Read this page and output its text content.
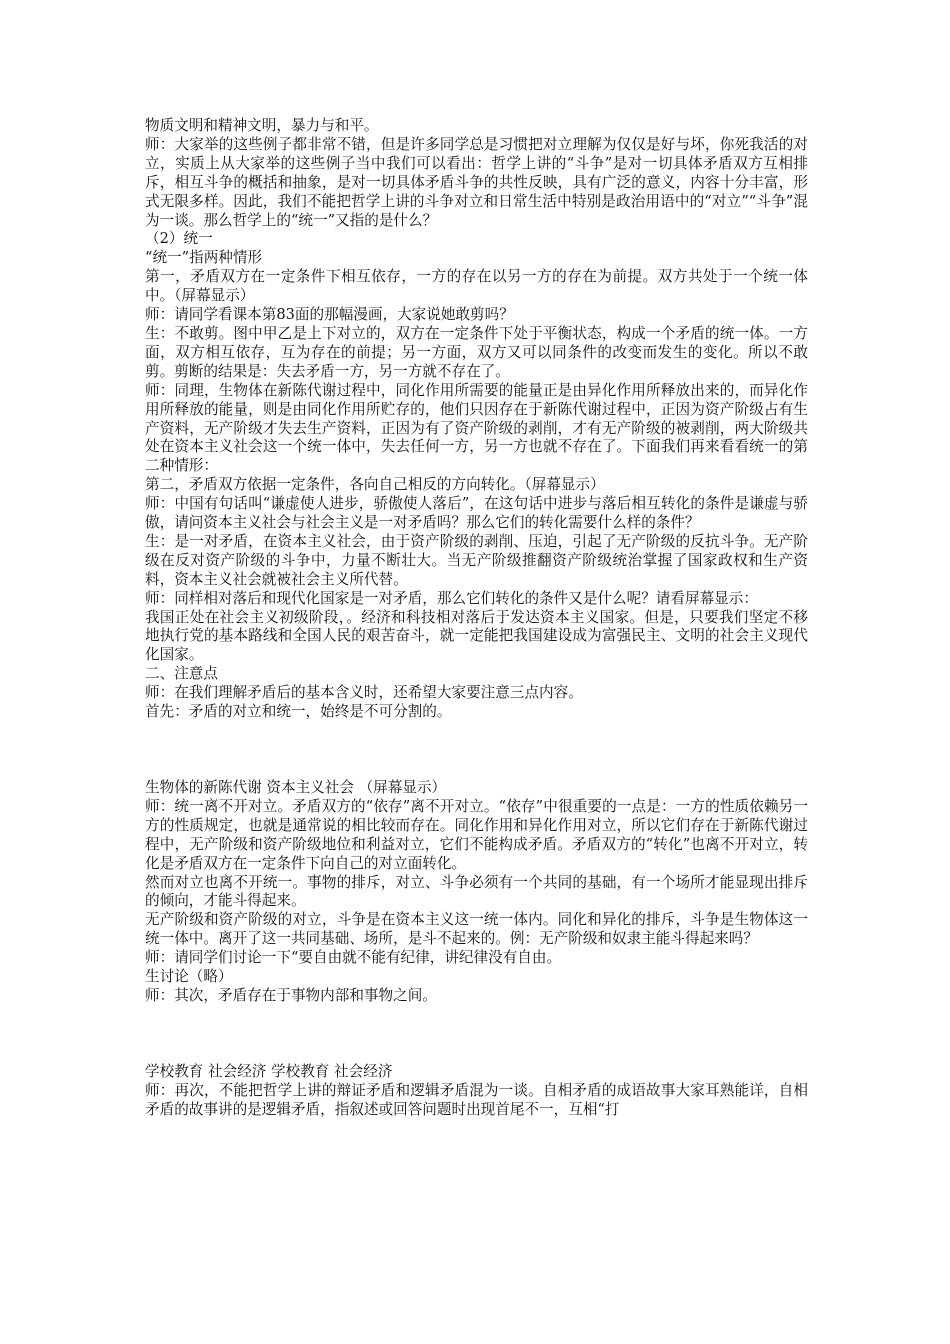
物质文明和精神文明，暴力与和平。

师：大家举的这些例子都非常不错，但是许多同学总是习惯把对立理解为仅仅是好与坏，你死我活的对立，实质上从大家举的这些例子当中我们可以看出：哲学上讲的“斗争”是对一切具体矛盾双方互相排斥，相互斗争的概括和抽象，是对一切具体矛盾斗争的共性反映，具有广泛的意义，内容十分丰富，形式无限多样。因此，我们不能把哲学上讲的斗争对立和日常生活中特别是政治用语中的“对立”“斗争”混为一谈。那么哲学上的“统一”又指的是什么？

（2）统一

“统一”指两种情形

第一，矛盾双方在一定条件下相互依存，一方的存在以另一方的存在为前提。双方共处于一个统一体中。（屏幕显示）

师：请同学看课本第83面的那幅漫画，大家说她敢剪吗？

生：不敢剪。图中甲乙是上下对立的，双方在一定条件下处于平衡状态，构成一个矛盾的统一体。一方面，双方相互依存，互为存在的前提；另一方面，双方又可以同条件的改变而发生的变化。所以不敢剪。剪断的结果是：失去矛盾一方，另一方就不存在了。

师：同理，生物体在新陈代谢过程中，同化作用所需要的能量正是由异化作用所释放出来的，而异化作用所释放的能量，则是由同化作用所贮存的，他们只因存在于新陈代谢过程中，正因为资产阶级占有生产资料，无产阶级才失去生产资料，正因为有了资产阶级的剥削，才有无产阶级的被剥削，两大阶级共处在资本主义社会这一个统一体中，失去任何一方，另一方也就不存在了。下面我们再来看看统一的第二种情形：

第二，矛盾双方依据一定条件，各向自己相反的方向转化。（屏幕显示）

师：中国有句话叫“谦虚使人进步，骄傲使人落后”，在这句话中进步与落后相互转化的条件是谦虚与骄傲，请问资本主义社会与社会主义是一对矛盾吗？那么它们的转化需要什么样的条件？

生：是一对矛盾，在资本主义社会，由于资产阶级的剥削、压迫，引起了无产阶级的反抗斗争。无产阶级在反对资产阶级的斗争中，力量不断壮大。当无产阶级推翻资产阶级统治掌握了国家政权和生产资料，资本主义社会就被社会主义所代替。

师：同样相对落后和现代化国家是一对矛盾，那么它们转化的条件又是什么呢？请看屏幕显示：

我国正处在社会主义初级阶段，。经济和科技相对落后于发达资本主义国家。但是，只要我们坚定不移地执行党的基本路线和全国人民的艰苦奋斗，就一定能把我国建设成为富强民主、文明的社会主义现代化国家。

二、注意点

师：在我们理解矛盾后的基本含义时，还希望大家要注意三点内容。

首先：矛盾的对立和统一，始终是不可分割的。

生物体的新陈代谢 资本主义社会 （屏幕显示）

师：统一离不开对立。矛盾双方的“依存”离不开对立。“依存”中很重要的一点是：一方的性质依赖另一方的性质规定，也就是通常说的相比较而存在。同化作用和异化作用对立，所以它们存在于新陈代谢过程中，无产阶级和资产阶级地位和利益对立，它们不能构成矛盾。矛盾双方的“转化”也离不开对立，转化是矛盾双方在一定条件下向自己的对立面转化。

然而对立也离不开统一。事物的排斥，对立、斗争必须有一个共同的基础，有一个场所才能显现出排斥的倾向，才能斗得起来。

无产阶级和资产阶级的对立，斗争是在资本主义这一统一体内。同化和异化的排斥，斗争是生物体这一统一体中。离开了这一共同基础、场所，是斗不起来的。例：无产阶级和奴隶主能斗得起来吗？

师：请同学们讨论一下“要自由就不能有纪律，讲纪律没有自由。

生讨论（略）

师：其次，矛盾存在于事物内部和事物之间。

学校教育 社会经济 学校教育 社会经济

师：再次，不能把哲学上讲的辩证矛盾和逻辑矛盾混为一谈。自相矛盾的成语故事大家耳熟能详，自相矛盾的故事讲的是逻辑矛盾，指叙述或回答问题时出现首尾不一，互相“打
